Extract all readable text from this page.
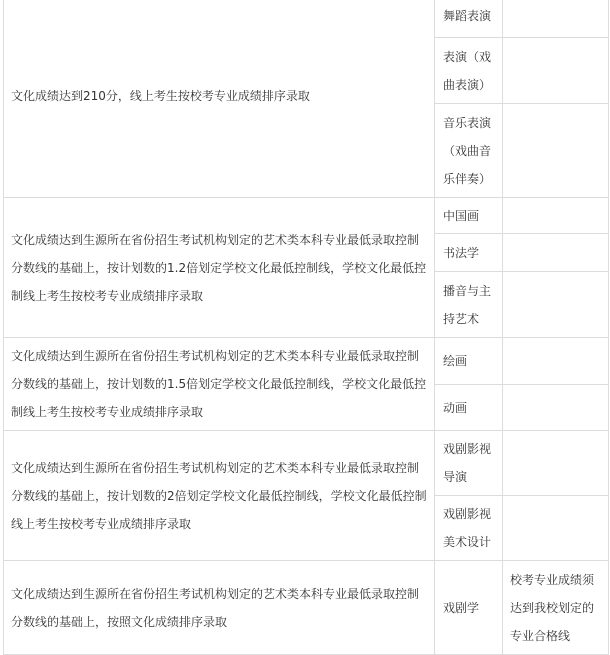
文化成绩达到210分，线上考生按校考专业成绩排序录取	舞蹈表演	
	表演（戏曲表演）	
	音乐表演（戏曲音乐伴奏）	
文化成绩达到生源所在省份招生考试机构划定的艺术类本科专业最低录取控制分数线的基础上，按计划数的1.2倍划定学校文化最低控制线，学校文化最低控制线上考生按校考专业成绩排序录取	中国画	
	书法学	
	播音与主持艺术	
文化成绩达到生源所在省份招生考试机构划定的艺术类本科专业最低录取控制分数线的基础上，按计划数的1.5倍划定学校文化最低控制线，学校文化最低控制线上考生按校考专业成绩排序录取	绘画	
	动画	
文化成绩达到生源所在省份招生考试机构划定的艺术类本科专业最低录取控制分数线的基础上，按计划数的2倍划定学校文化最低控制线，学校文化最低控制线上考生按校考专业成绩排序录取	戏剧影视导演	
	戏剧影视美术设计	
文化成绩达到生源所在省份招生考试机构划定的艺术类本科专业最低录取控制分数线的基础上，按照文化成绩排序录取	戏剧学	校考专业成绩须达到我校划定的专业合格线
